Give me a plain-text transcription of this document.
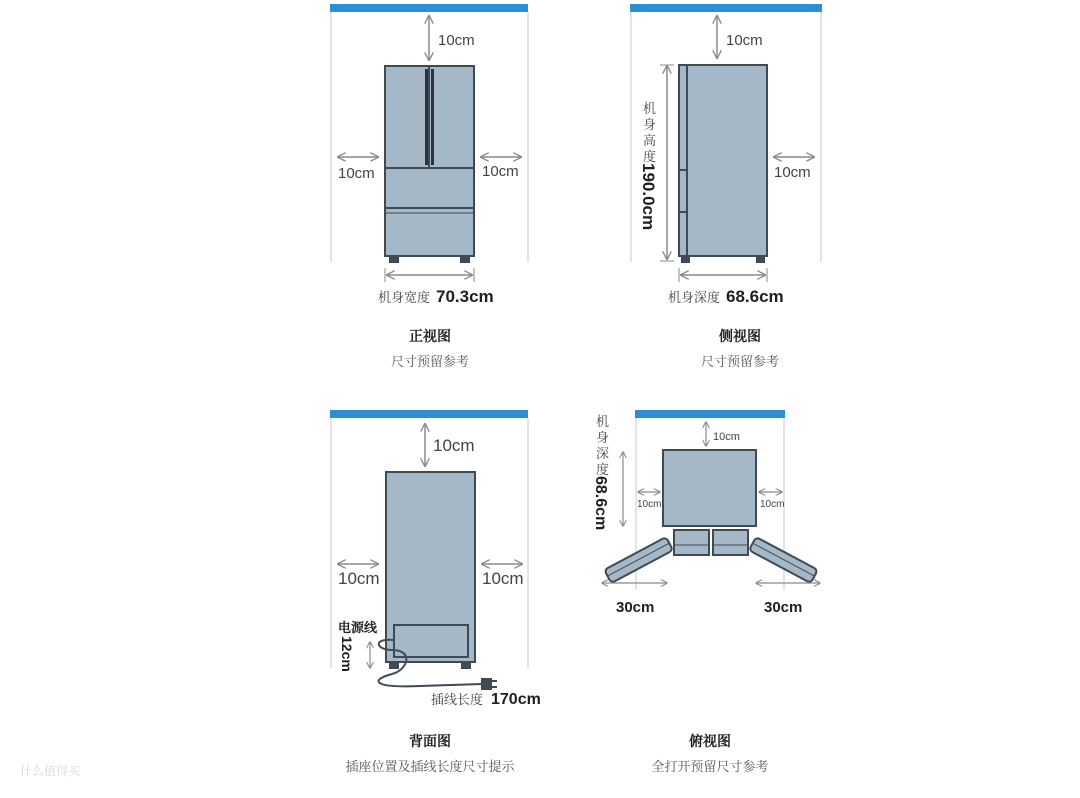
10cm
10cm	10cm
机身宽度 70.3cm
10cm
10cm
机 身 高 度
190.0cm
机身深度 68.6cm
10cm
10cm	10cm
电源线
12cm
插线长度 170cm
10cm
10cm	10cm
机 身 深 度
68.6cm
30cm	30cm
正视图
尺寸预留参考
侧视图
尺寸预留参考
背面图
插座位置及插线长度尺寸提示
俯视图
全打开预留尺寸参考
什么值得买
